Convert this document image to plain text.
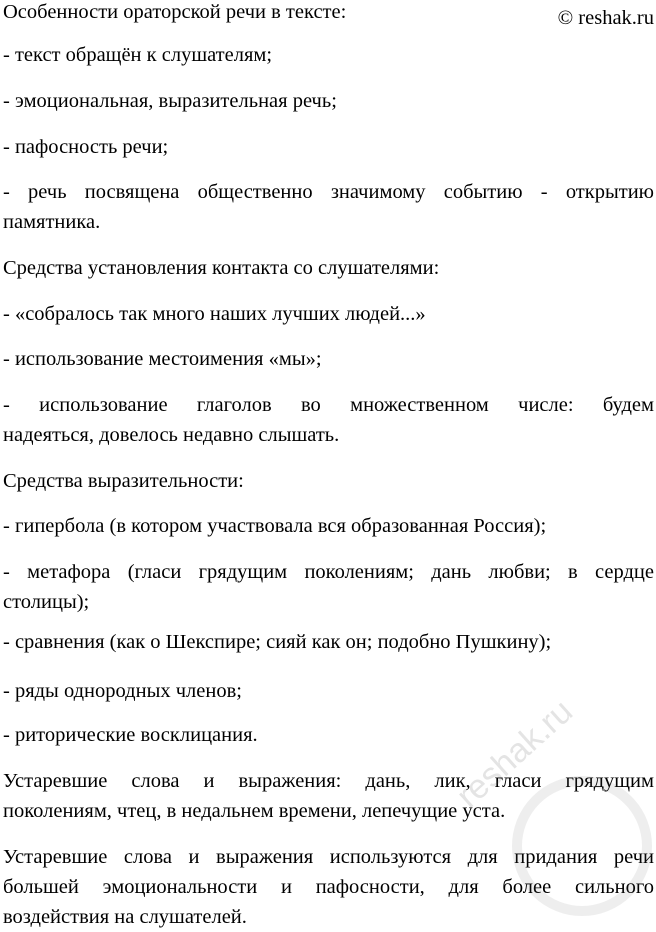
Особенности ораторской речи в тексте:	© reshak.ru
- текст обращён к слушателям;
- эмоциональная, выразительная речь;
- пафосность речи;
- речь посвящена общественно значимому событию - открытию
памятника.
Средства установления контакта со слушателями:
- «собралось так много наших лучших людей...»
- использование местоимения «мы»;
- использование глаголов во множественном числе: будем
надеяться, довелось недавно слышать.
Средства выразительности:
- гипербола (в котором участвовала вся образованная Россия);
- метафора (гласи грядущим поколениям; дань любви; в сердце
столицы);
- сравнения (как о Шекспире; сияй как он; подобно Пушкину);
- ряды однородных членов;
- риторические восклицания.
Устаревшие слова и выражения: дань, лик, гласи грядущим
поколениям, чтец, в недальнем времени, лепечущие уста.
Устаревшие слова и выражения используются для придания речи
большей эмоциональности и пафосности, для более сильного
воздействия на слушателей.
reshak.ru
